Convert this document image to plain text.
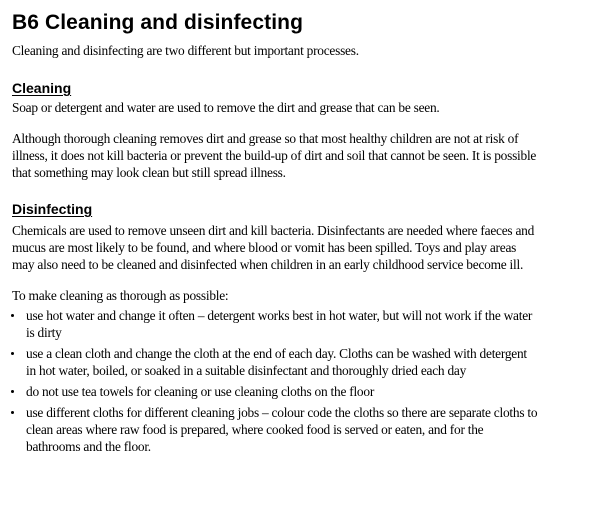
B6 Cleaning and disinfecting

Cleaning and disinfecting are two different but important processes.

Cleaning

Soap or detergent and water are used to remove the dirt and grease that can be seen.

Although thorough cleaning removes dirt and grease so that most healthy children are not at risk of
illness, it does not kill bacteria or prevent the build-up of dirt and soil that cannot be seen. It is possible
that something may look clean but still spread illness.

Disinfecting

Chemicals are used to remove unseen dirt and kill bacteria. Disinfectants are needed where faeces and
mucus are most likely to be found, and where blood or vomit has been spilled. Toys and play areas
may also need to be cleaned and disinfected when children in an early childhood service become ill.

To make cleaning as thorough as possible:

use hot water and change it often – detergent works best in hot water, but will not work if the water
is dirty
use a clean cloth and change the cloth at the end of each day. Cloths can be washed with detergent
in hot water, boiled, or soaked in a suitable disinfectant and thoroughly dried each day
do not use tea towels for cleaning or use cleaning cloths on the floor
use different cloths for different cleaning jobs – colour code the cloths so there are separate cloths to
clean areas where raw food is prepared, where cooked food is served or eaten, and for the
bathrooms and the floor.
